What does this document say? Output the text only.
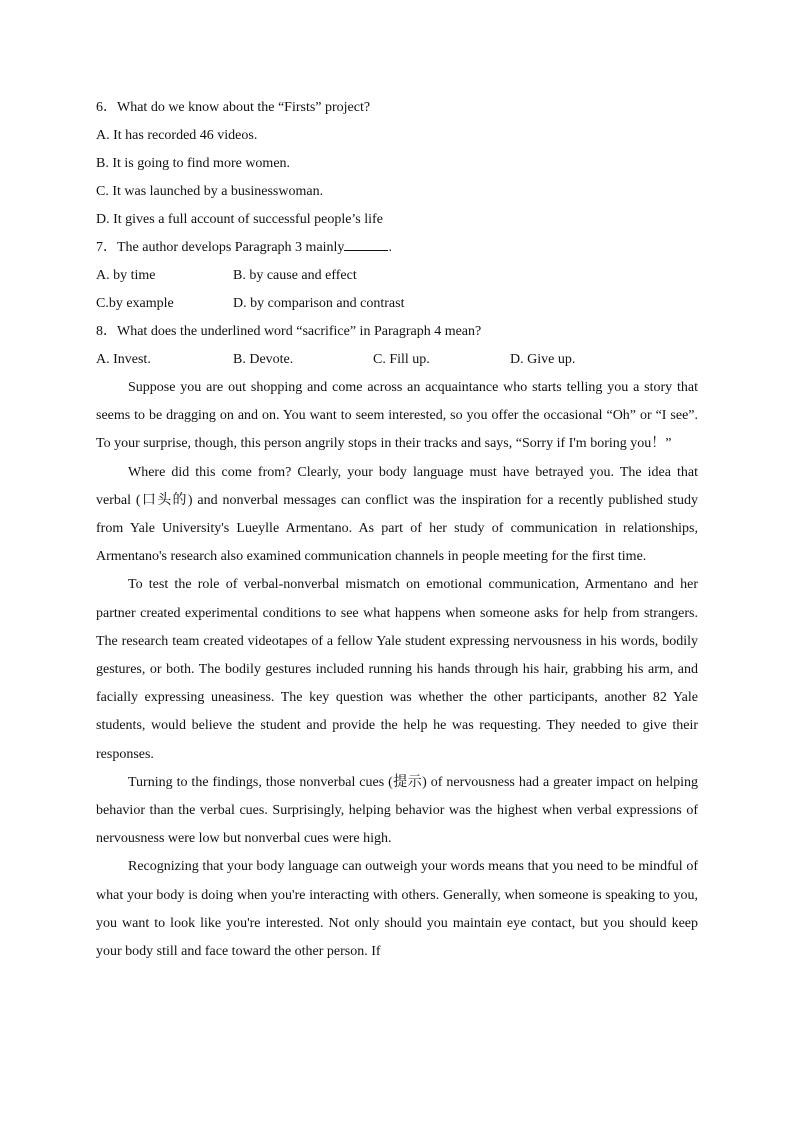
6．What do we know about the “Firsts” project?
A. It has recorded 46 videos.
B. It is going to find more women.
C. It was launched by a businesswoman.
D. It gives a full account of successful people’s life
7．The author develops Paragraph 3 mainly	.
A. by time	B. by cause and effect
C.by example	D. by comparison and contrast
8．What does the underlined word “sacrifice” in Paragraph 4 mean?
A. Invest.	B. Devote.	C. Fill up.	D. Give up.

Suppose you are out shopping and come across an acquaintance who starts telling you a story that seems to be dragging on and on. You want to seem interested, so you offer the occasional “Oh” or “I see”. To your surprise, though, this person angrily stops in their tracks and says, “Sorry if I'm boring you！”

Where did this come from? Clearly, your body language must have betrayed you. The idea that verbal (口头的) and nonverbal messages can conflict was the inspiration for a recently published study from Yale University's Lueylle Armentano. As part of her study of communication in relationships, Armentano's research also examined communication channels in people meeting for the first time.

To test the role of verbal-nonverbal mismatch on emotional communication, Armentano and her partner created experimental conditions to see what happens when someone asks for help from strangers. The research team created videotapes of a fellow Yale student expressing nervousness in his words, bodily gestures, or both. The bodily gestures included running his hands through his hair, grabbing his arm, and facially expressing uneasiness. The key question was whether the other participants, another 82 Yale students, would believe the student and provide the help he was requesting. They needed to give their responses.

Turning to the findings, those nonverbal cues (提示) of nervousness had a greater impact on helping behavior than the verbal cues. Surprisingly, helping behavior was the highest when verbal expressions of nervousness were low but nonverbal cues were high.

Recognizing that your body language can outweigh your words means that you need to be mindful of what your body is doing when you're interacting with others. Generally, when someone is speaking to you, you want to look like you're interested. Not only should you maintain eye contact, but you should keep your body still and face toward the other person. If
